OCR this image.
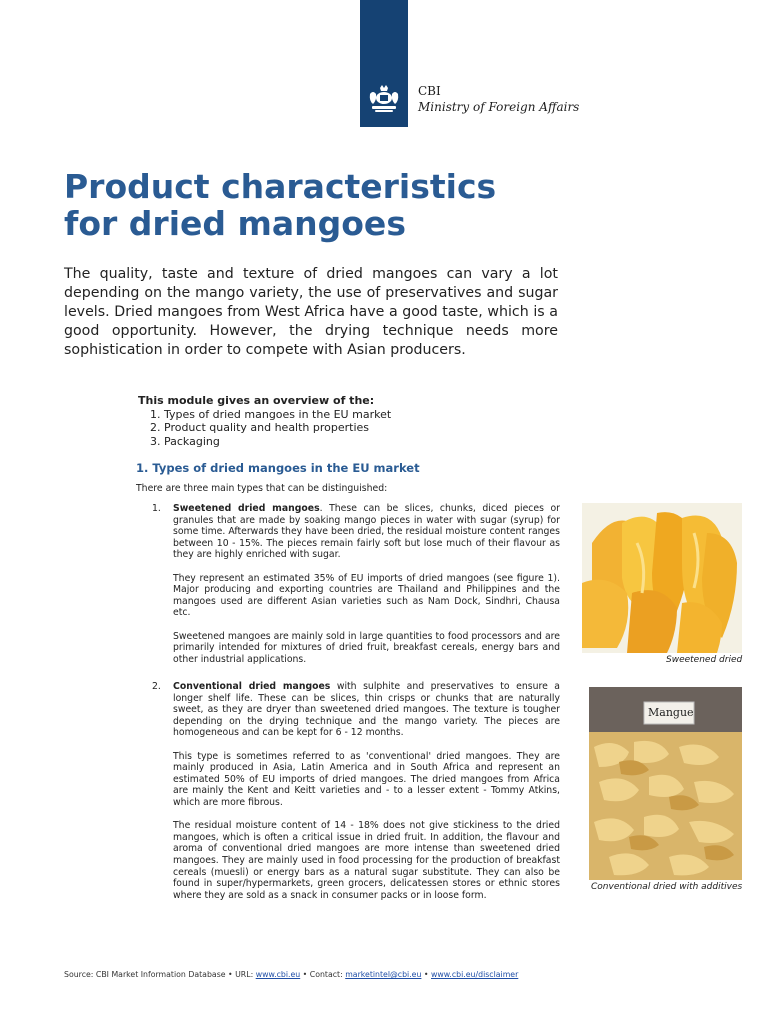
CBI
Ministry of Foreign Affairs
Product characteristics
for dried mangoes

The quality, taste and texture of dried mangoes can vary a lot depending on the mango variety, the use of preservatives and sugar levels. Dried mangoes from West Africa have a good taste, which is a good opportunity. However, the drying technique needs more sophistication in order to compete with Asian producers.

This module gives an overview of the:
1. Types of dried mangoes in the EU market
2. Product quality and health properties
3. Packaging
1. Types of dried mangoes in the EU market
There are three main types that can be distinguished:
1. Sweetened dried mangoes. These can be slices, chunks, diced pieces or granules that are made by soaking mango pieces in water with sugar (syrup) for some time. Afterwards they have been dried, the residual moisture content ranges between 10 - 15%. The pieces remain fairly soft but lose much of their flavour as they are highly enriched with sugar.

They represent an estimated 35% of EU imports of dried mangoes (see figure 1). Major producing and exporting countries are Thailand and Philippines and the mangoes used are different Asian varieties such as Nam Dock, Sindhri, Chausa etc.

Sweetened mangoes are mainly sold in large quantities to food processors and are primarily intended for mixtures of dried fruit, breakfast cereals, energy bars and other industrial applications.

2. Conventional dried mangoes with sulphite and preservatives to ensure a longer shelf life. These can be slices, thin crisps or chunks that are naturally sweet, as they are dryer than sweetened dried mangoes. The texture is tougher depending on the drying technique and the mango variety. The pieces are homogeneous and can be kept for 6 - 12 months.

This type is sometimes referred to as 'conventional' dried mangoes. They are mainly produced in Asia, Latin America and in South Africa and represent an estimated 50% of EU imports of dried mangoes. The dried mangoes from Africa are mainly the Kent and Keitt varieties and - to a lesser extent - Tommy Atkins, which are more fibrous.

The residual moisture content of 14 - 18% does not give stickiness to the dried mangoes, which is often a critical issue in dried fruit. In addition, the flavour and aroma of conventional dried mangoes are more intense than sweetened dried mangoes. They are mainly used in food processing for the production of breakfast cereals (muesli) or energy bars as a natural sugar substitute. They can also be found in super/hypermarkets, green grocers, delicatessen stores or ethnic stores where they are sold as a snack in consumer packs or in loose form.

Sweetened dried
Mangue
Conventional dried with additives
Source: CBI Market Information Database • URL: www.cbi.eu • Contact: marketintel@cbi.eu • www.cbi.eu/disclaimer
